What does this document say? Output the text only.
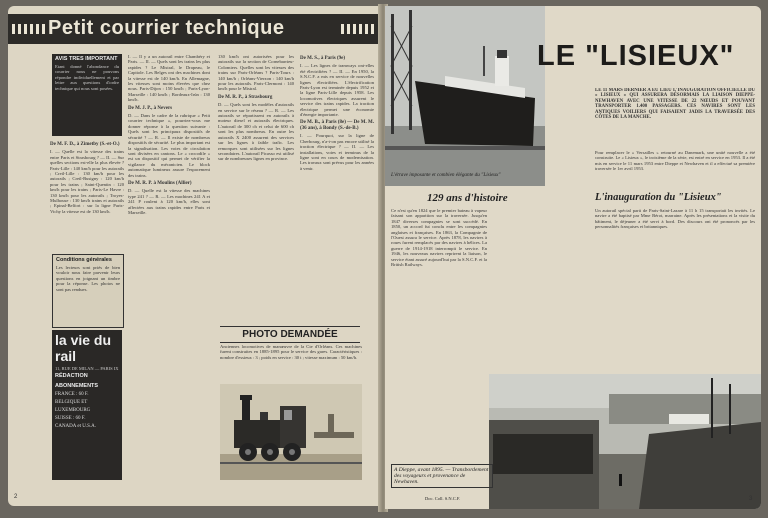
Petit courrier technique
AVIS TRES IMPORTANT
Etant donné l'abondance du courrier nous ne pouvons répondre individuellement et par lettre aux questions d'ordre technique qui nous sont posées.
De M. F. D., à Zimetby (S.-et-O.)

I. — Quelle est la vitesse des trains entre Paris et Strasbourg ? — II. — Sur quelles sections est-elle la plus élevée ? Paris-Lille : 140 km/h pour les autorails ; Creil-Lille : 130 km/h pour les autorails ; Creil-Busigny : 120 km/h pour les trains ; Saint-Quentin : 120 km/h pour les trains ; Paris-Le Havre : 130 km/h pour les autorails ; Troyes-Mulhouse : 130 km/h trains et autorails ; Epinal-Belfort : sur la ligne Paris-Vichy la vitesse est de 130 km/h.

Conditions générales
Les lecteurs sont priés de bien vouloir nous faire parvenir leurs questions en joignant un timbre pour la réponse. Les photos ne sont pas rendues.
la vie du rail
11, RUE DE MILAN — PARIS IX
RÉDACTION
ABONNEMENTS
FRANCE : 60 F.
BELGIQUE ET LUXEMBOURG
SUISSE : 60 F.
CANADA et U.S.A.

I. — Il y a un autorail entre Chambéry et Paris. — II. — Quels sont les trains les plus rapides ? Le Mistral, le Drapeau, le Capitole. Les Belges ont des machines dont la vitesse est de 140 km/h. En Allemagne, les vitesses sont moins élevées que chez nous. Paris-Dijon : 150 km/h ; Paris-Lyon-Marseille : 140 km/h ; Bordeaux-Irún : 130 km/h.

De M. J. P., à Nevers

D. — Dans le cadre de la rubrique « Petit courrier technique », pourriez-vous me donner réponse à la question suivante : Quels sont les principaux dispositifs de sécurité ? — R. — Il existe de nombreux dispositifs de sécurité. Le plus important est la signalisation. Les voies de circulation sont divisées en cantons. Le « crocodile » est un dispositif qui permet de vérifier la vigilance du mécanicien. Le block automatique lumineux assure l'espacement des trains.

De M. R. P. à Moulins (Allier)

D. — Quelle est la vitesse des machines type 241 ? — R. — Les machines 241 A et 241 P roulent à 120 km/h, elles sont affectées aux trains rapides entre Paris et Marseille.

130 km/h ont autorisées pour les autorails sur la section de Cornebarrieu-Colomiers. Quelles sont les vitesses des trains sur Paris-Orléans ? Paris-Tours : 140 km/h ; Orléans-Vierzon : 140 km/h pour les autorails. Paris-Clermont : 140 km/h pour le Mistral.

De M. R. P., à Strasbourg

D. — Quels sont les modèles d'autorails en service sur le réseau ? — R. — Les autorails se répartissent en autorails à moteur diesel et autorails électriques. L'autorail de 300 ch et celui de 600 ch sont les plus nombreux. En outre les autorails X 2400 assurent des services sur les lignes à faible trafic. Les remorques sont utilisées sur les lignes secondaires. L'autorail Picasso est utilisé sur de nombreuses lignes en province.

De M. S., à Paris (9e)

I. — Les lignes de tramways ont-elles été électrifiées ? — II. — En 1950, la S.N.C.F. a mis en service de nouvelles lignes électrifiées. L'électrification Paris-Lyon est terminée depuis 1952 et la ligne Paris-Lille depuis 1958. Les locomotives électriques assurent le service des trains rapides. La traction électrique permet une économie d'énergie importante.

De M. B., à Paris (8e) — De M. M. (36 ans), à Bondy (S.-de-B.)

I. — Pourquoi, sur la ligne de Cherbourg, n'a-t-on pas encore utilisé la traction électrique ? — II. — Les installations, voies et terminus de la ligne sont en cours de modernisation. Les travaux sont prévus pour les années à venir.

PHOTO DEMANDÉE
Anciennes locomotives de manœuvre de la Cie d'Orléans. Ces machines furent construites en 1885-1895 pour le service des gares. Caractéristiques : nombre d'essieux : 3 ; poids en service : 30 t ; vitesse maximum : 50 km/h.
2
L'étrave imposante et combien élégante du "Lisieux"
LE "LISIEUX"
LE 11 MARS DERNIER A EU LIEU L'INAUGURATION OFFICIELLE DU « LISIEUX » QUI ASSURERA DÉSORMAIS LA LIAISON DIEPPE-NEWHAVEN AVEC UNE VITESSE DE 22 NŒUDS ET POUVANT TRANSPORTER 1.400 PASSAGERS. CES NAVIRES SONT LES ANTIQUES VOILIERS QUI FAISAIENT JADIS LA TRAVERSÉE DES CÔTES DE LA MANCHE.
Pour remplacer le « Versailles » retourné au Danemark, une unité nouvelle a été construite. Le « Lisieux », le troisième de la série, est entré en service en 1953. Il a été mis en service le 11 mars 1953 entre Dieppe et Newhaven et il a effectué sa première traversée le 1er avril 1953.
L'inauguration du "Lisieux"
Un autorail spécial parti de Paris-Saint-Lazare à 11 h 15 transportait les invités. Le navire a été baptisé par Mme Bérot, marraine. Après les présentations et la visite du bâtiment, le déjeuner a été servi à bord. Des discours ont été prononcés par les personnalités françaises et britanniques.
129 ans d'histoire
Ce n'est qu'en 1824 que le premier bateau à vapeur faisant son apparition sur la traversée. Jusqu'en 1847 diverses compagnies se sont succédé. En 1850, un accord fut conclu entre les compagnies anglaises et françaises. En 1863, la Compagnie de l'Ouest assura le service. Après 1878, les navires à roues furent remplacés par des navires à hélices. La guerre de 1914-1918 interrompit le service. En 1946, les nouveaux navires reprirent la liaison, le service étant assuré aujourd'hui par la S.N.C.F. et la British Railways.
A Dieppe, avant 1895. — Transbordement des voyageurs et provenance de Newhaven.
Doc. Coll. S.N.C.F.	3
